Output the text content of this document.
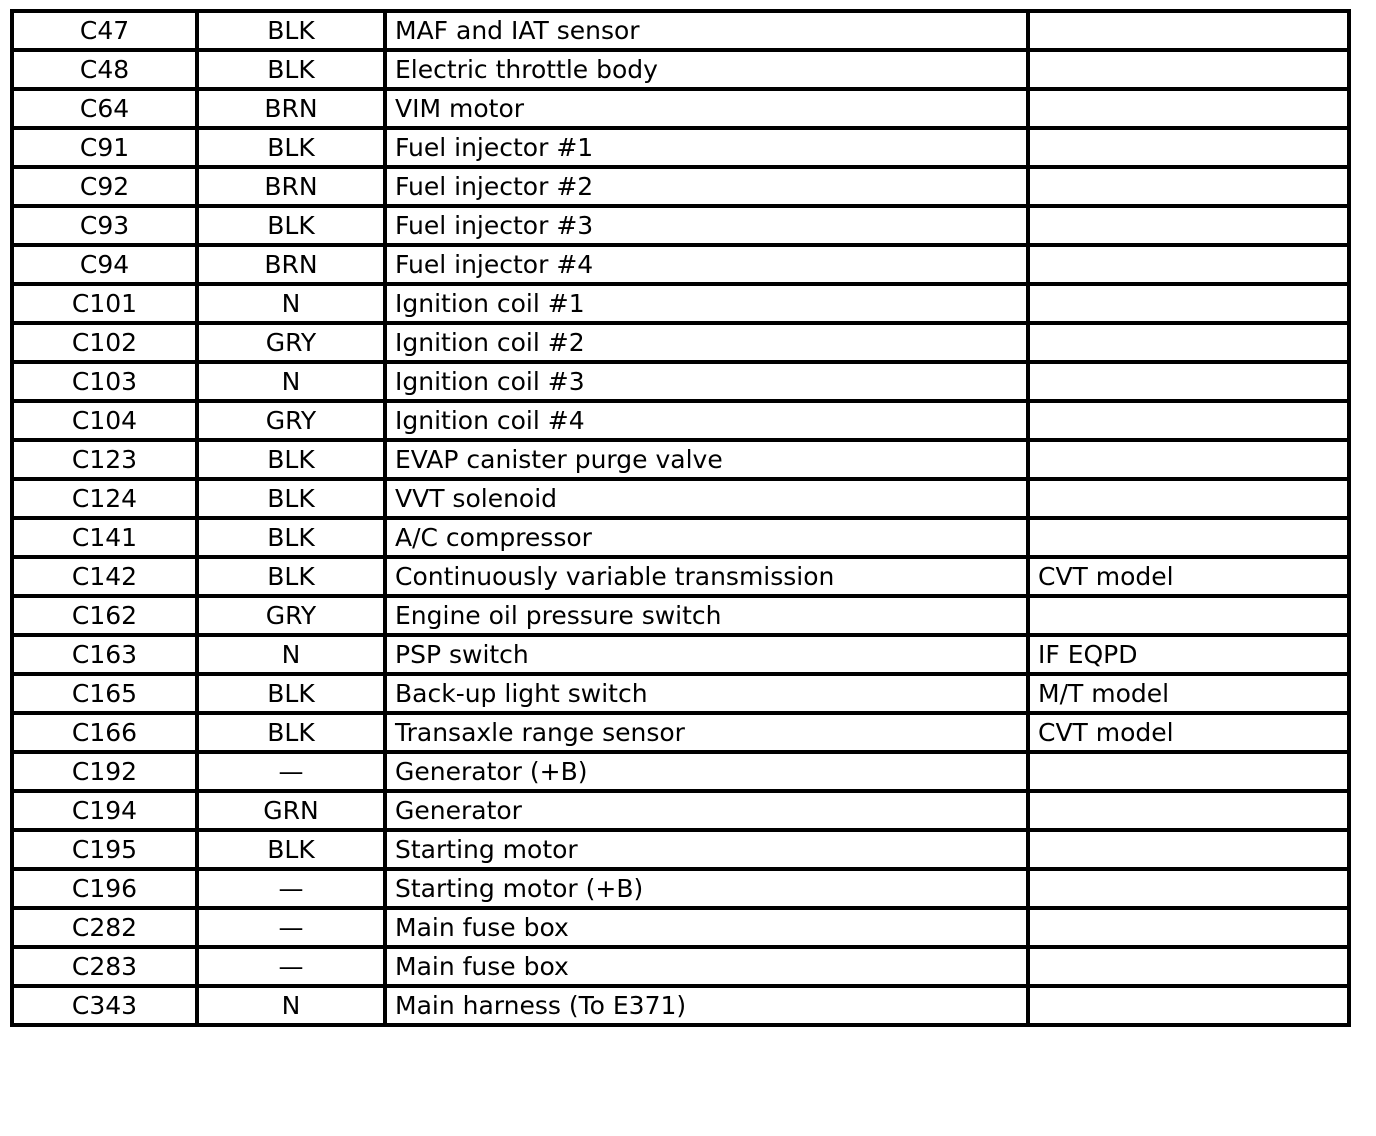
C47	BLK	MAF and IAT sensor	
C48	BLK	Electric throttle body	
C64	BRN	VIM motor	
C91	BLK	Fuel injector #1	
C92	BRN	Fuel injector #2	
C93	BLK	Fuel injector #3	
C94	BRN	Fuel injector #4	
C101	N	Ignition coil #1	
C102	GRY	Ignition coil #2	
C103	N	Ignition coil #3	
C104	GRY	Ignition coil #4	
C123	BLK	EVAP canister purge valve	
C124	BLK	VVT solenoid	
C141	BLK	A/C compressor	
C142	BLK	Continuously variable transmission	CVT model
C162	GRY	Engine oil pressure switch	
C163	N	PSP switch	IF EQPD
C165	BLK	Back-up light switch	M/T model
C166	BLK	Transaxle range sensor	CVT model
C192	—	Generator (+B)	
C194	GRN	Generator	
C195	BLK	Starting motor	
C196	—	Starting motor (+B)	
C282	—	Main fuse box	
C283	—	Main fuse box	
C343	N	Main harness (To E371)	
